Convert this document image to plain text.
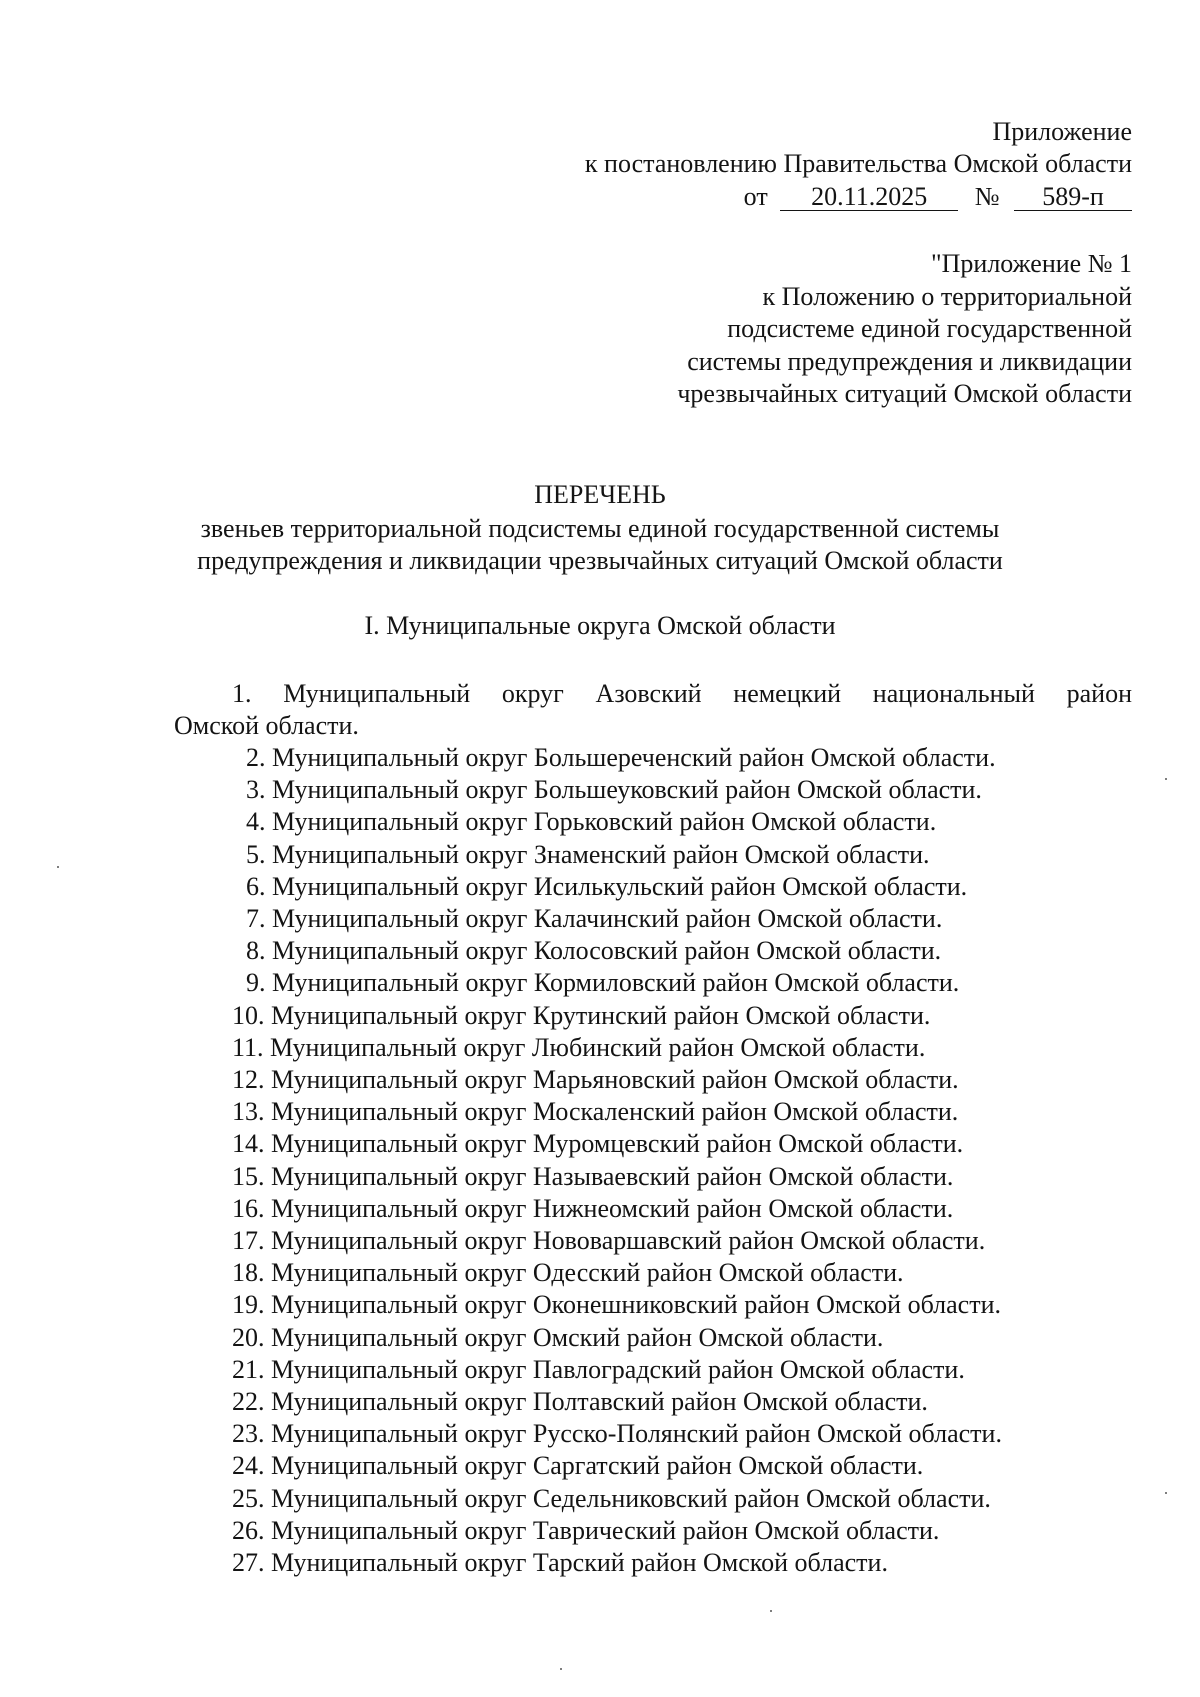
Приложение
к постановлению Правительства Омской области
от 20.11.2025 № 589-п
"Приложение № 1
к Положению о территориальной
подсистеме единой государственной
системы предупреждения и ликвидации
чрезвычайных ситуаций Омской области
ПЕРЕЧЕНЬ
звеньев территориальной подсистемы единой государственной системы
предупреждения и ликвидации чрезвычайных ситуаций Омской области
I. Муниципальные округа Омской области
1. Муниципальный округ Азовский немецкий национальный район
Омской области.
2. Муниципальный округ Большереченский район Омской области.
3. Муниципальный округ Большеуковский район Омской области.
4. Муниципальный округ Горьковский район Омской области.
5. Муниципальный округ Знаменский район Омской области.
6. Муниципальный округ Исилькульский район Омской области.
7. Муниципальный округ Калачинский район Омской области.
8. Муниципальный округ Колосовский район Омской области.
9. Муниципальный округ Кормиловский район Омской области.
10. Муниципальный округ Крутинский район Омской области.
11. Муниципальный округ Любинский район Омской области.
12. Муниципальный округ Марьяновский район Омской области.
13. Муниципальный округ Москаленский район Омской области.
14. Муниципальный округ Муромцевский район Омской области.
15. Муниципальный округ Называевский район Омской области.
16. Муниципальный округ Нижнеомский район Омской области.
17. Муниципальный округ Нововаршавский район Омской области.
18. Муниципальный округ Одесский район Омской области.
19. Муниципальный округ Оконешниковский район Омской области.
20. Муниципальный округ Омский район Омской области.
21. Муниципальный округ Павлоградский район Омской области.
22. Муниципальный округ Полтавский район Омской области.
23. Муниципальный округ Русско-Полянский район Омской области.
24. Муниципальный округ Саргатский район Омской области.
25. Муниципальный округ Седельниковский район Омской области.
26. Муниципальный округ Таврический район Омской области.
27. Муниципальный округ Тарский район Омской области.
